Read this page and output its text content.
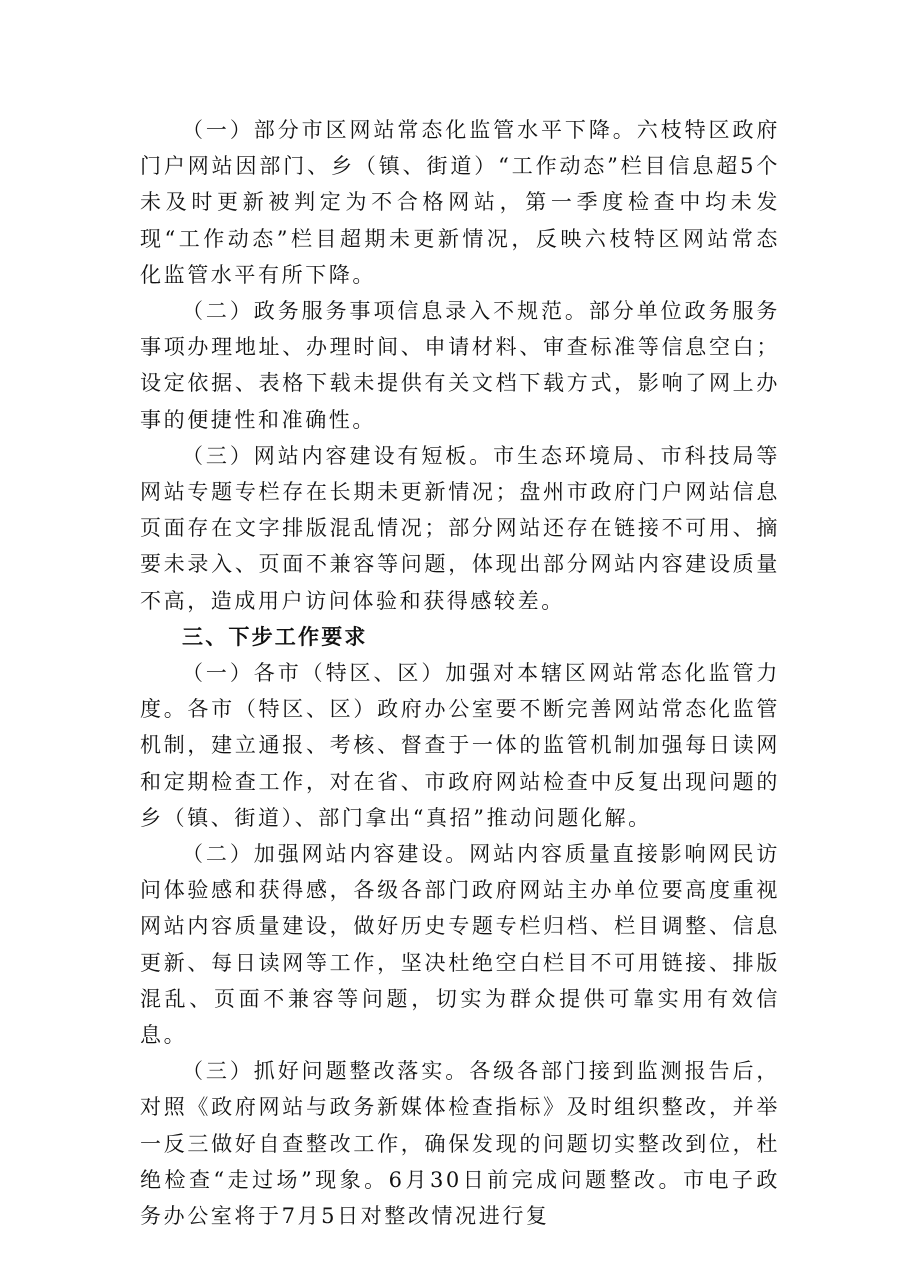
（一）部分市区网站常态化监管水平下降。六枝特区政府门户网站因部门、乡（镇、街道）“工作动态”栏目信息超5个未及时更新被判定为不合格网站，第一季度检查中均未发现“工作动态”栏目超期未更新情况，反映六枝特区网站常态化监管水平有所下降。

（二）政务服务事项信息录入不规范。部分单位政务服务事项办理地址、办理时间、申请材料、审查标准等信息空白；设定依据、表格下载未提供有关文档下载方式，影响了网上办事的便捷性和准确性。

（三）网站内容建设有短板。市生态环境局、市科技局等网站专题专栏存在长期未更新情况；盘州市政府门户网站信息页面存在文字排版混乱情况；部分网站还存在链接不可用、摘要未录入、页面不兼容等问题，体现出部分网站内容建设质量不高，造成用户访问体验和获得感较差。

三、下步工作要求

（一）各市（特区、区）加强对本辖区网站常态化监管力度。各市（特区、区）政府办公室要不断完善网站常态化监管机制，建立通报、考核、督查于一体的监管机制加强每日读网和定期检查工作，对在省、市政府网站检查中反复出现问题的乡（镇、街道）、部门拿出“真招”推动问题化解。

（二）加强网站内容建设。网站内容质量直接影响网民访问体验感和获得感，各级各部门政府网站主办单位要高度重视网站内容质量建设，做好历史专题专栏归档、栏目调整、信息更新、每日读网等工作，坚决杜绝空白栏目不可用链接、排版混乱、页面不兼容等问题，切实为群众提供可靠实用有效信息。

（三）抓好问题整改落实。各级各部门接到监测报告后，对照《政府网站与政务新媒体检查指标》及时组织整改，并举一反三做好自查整改工作，确保发现的问题切实整改到位，杜绝检查“走过场”现象。6月30日前完成问题整改。市电子政务办公室将于7月5日对整改情况进行复
